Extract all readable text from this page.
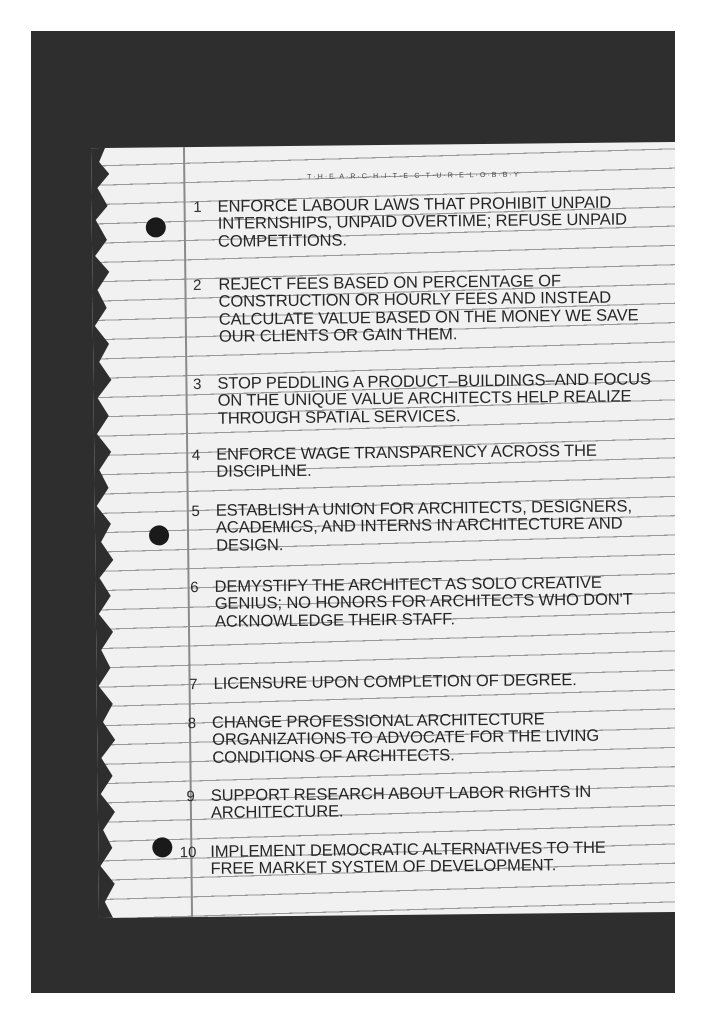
T·H·E A·R·C·H·I·T·E·C·T·U·R·E L·O·B·B·Y
1 ENFORCE LABOUR LAWS THAT PROHIBIT UNPAID INTERNSHIPS, UNPAID OVERTIME; REFUSE UNPAID COMPETITIONS.
2 REJECT FEES BASED ON PERCENTAGE OF CONSTRUCTION OR HOURLY FEES AND INSTEAD CALCULATE VALUE BASED ON THE MONEY WE SAVE OUR CLIENTS OR GAIN THEM.
3 STOP PEDDLING A PRODUCT–BUILDINGS–AND FOCUS ON THE UNIQUE VALUE ARCHITECTS HELP REALIZE THROUGH SPATIAL SERVICES.
4 ENFORCE WAGE TRANSPARENCY ACROSS THE DISCIPLINE.
5 ESTABLISH A UNION FOR ARCHITECTS, DESIGNERS, ACADEMICS, AND INTERNS IN ARCHITECTURE AND DESIGN.
6 DEMYSTIFY THE ARCHITECT AS SOLO CREATIVE GENIUS; NO HONORS FOR ARCHITECTS WHO DON'T ACKNOWLEDGE THEIR STAFF.
7 LICENSURE UPON COMPLETION OF DEGREE.
8 CHANGE PROFESSIONAL ARCHITECTURE ORGANIZATIONS TO ADVOCATE FOR THE LIVING CONDITIONS OF ARCHITECTS.
9 SUPPORT RESEARCH ABOUT LABOR RIGHTS IN ARCHITECTURE.
10 IMPLEMENT DEMOCRATIC ALTERNATIVES TO THE FREE MARKET SYSTEM OF DEVELOPMENT.
